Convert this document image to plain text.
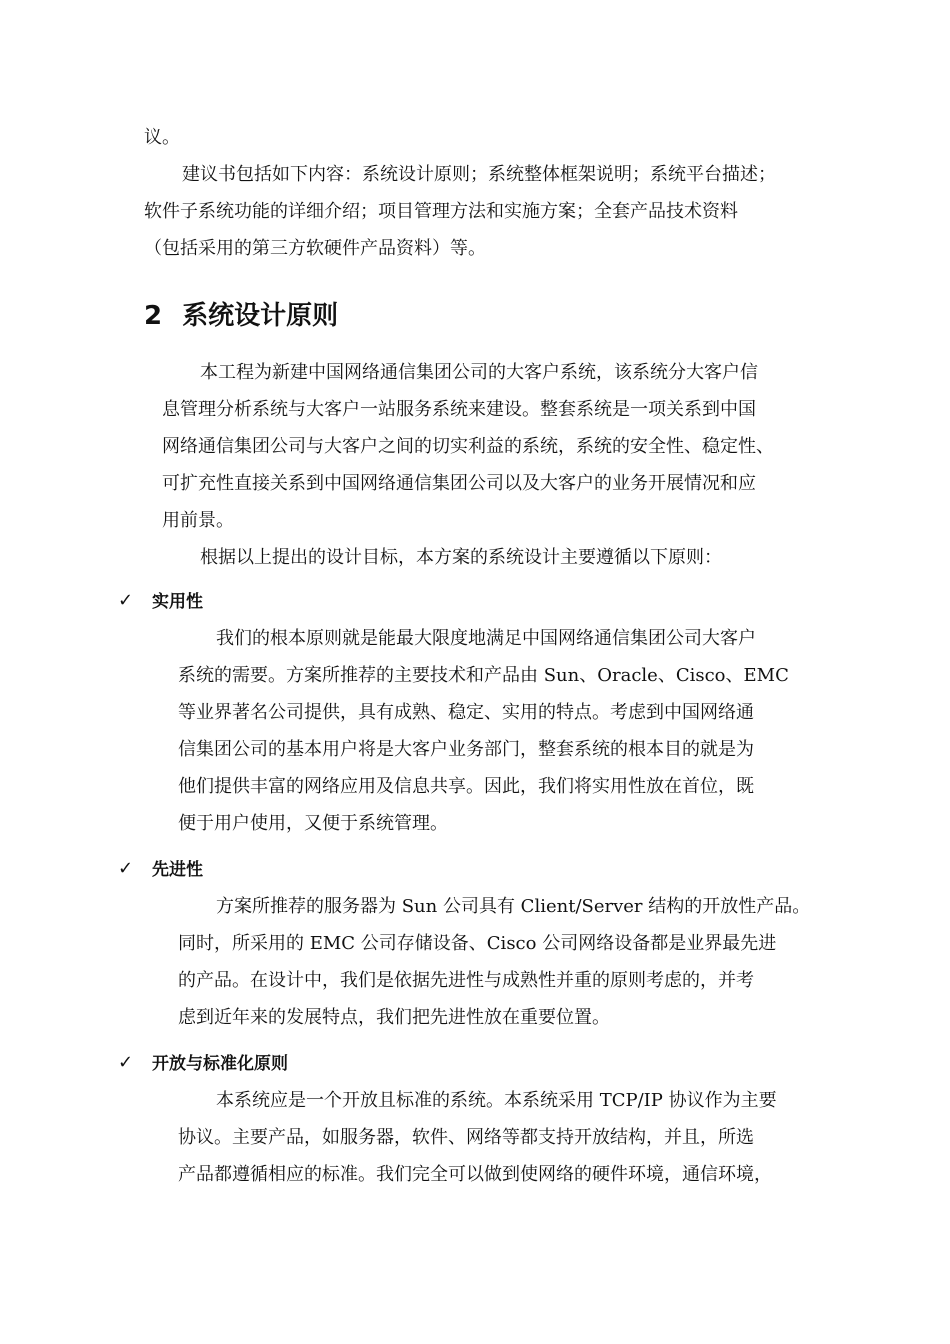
议。
建议书包括如下内容：系统设计原则；系统整体框架说明；系统平台描述；
软件子系统功能的详细介绍；项目管理方法和实施方案；全套产品技术资料
（包括采用的第三方软硬件产品资料）等。
2 系统设计原则
本工程为新建中国网络通信集团公司的大客户系统，该系统分大客户信
息管理分析系统与大客户一站服务系统来建设。整套系统是一项关系到中国
网络通信集团公司与大客户之间的切实利益的系统，系统的安全性、稳定性、
可扩充性直接关系到中国网络通信集团公司以及大客户的业务开展情况和应
用前景。
根据以上提出的设计目标，本方案的系统设计主要遵循以下原则：
✓ 实用性
我们的根本原则就是能最大限度地满足中国网络通信集团公司大客户
系统的需要。方案所推荐的主要技术和产品由 Sun、Oracle、Cisco、EMC
等业界著名公司提供，具有成熟、稳定、实用的特点。考虑到中国网络通
信集团公司的基本用户将是大客户业务部门，整套系统的根本目的就是为
他们提供丰富的网络应用及信息共享。因此，我们将实用性放在首位，既
便于用户使用，又便于系统管理。
✓ 先进性
方案所推荐的服务器为 Sun 公司具有 Client/Server 结构的开放性产品。
同时，所采用的 EMC 公司存储设备、Cisco 公司网络设备都是业界最先进
的产品。在设计中，我们是依据先进性与成熟性并重的原则考虑的，并考
虑到近年来的发展特点，我们把先进性放在重要位置。
✓ 开放与标准化原则
本系统应是一个开放且标准的系统。本系统采用 TCP/IP 协议作为主要
协议。主要产品，如服务器，软件、网络等都支持开放结构，并且，所选
产品都遵循相应的标准。我们完全可以做到使网络的硬件环境，通信环境，
